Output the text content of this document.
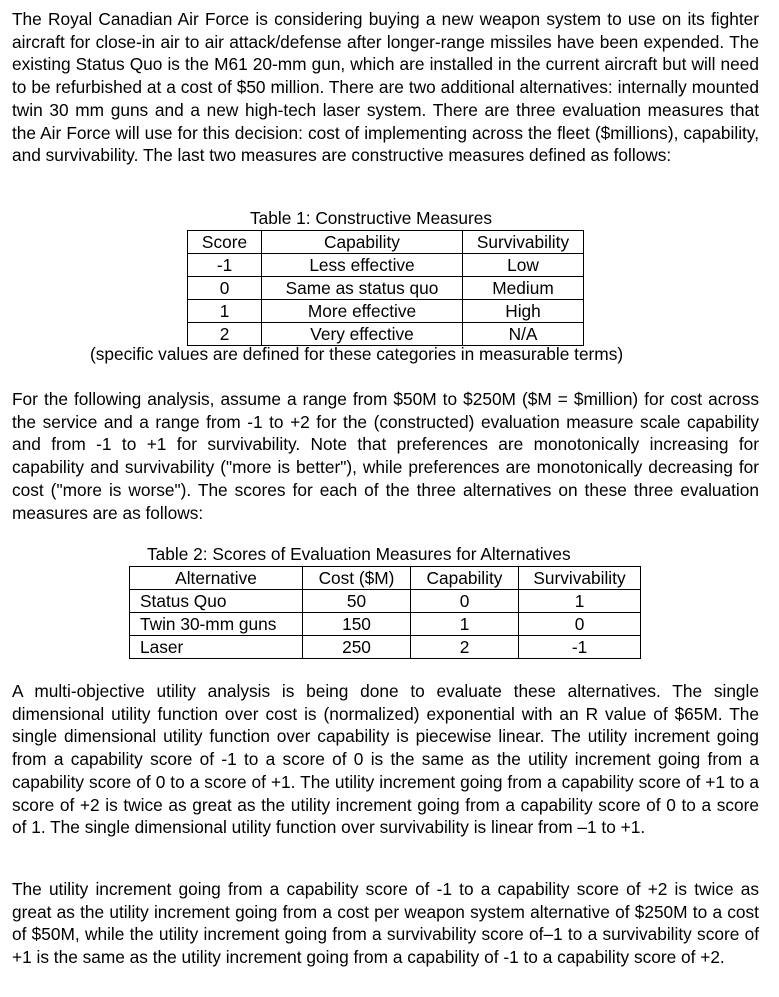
The Royal Canadian Air Force is considering buying a new weapon system to use on its fighter aircraft for close-in air to air attack/defense after longer-range missiles have been expended. The existing Status Quo is the M61 20-mm gun, which are installed in the current aircraft but will need to be refurbished at a cost of $50 million. There are two additional alternatives: internally mounted twin 30 mm guns and a new high-tech laser system. There are three evaluation measures that the Air Force will use for this decision: cost of implementing across the fleet ($millions), capability, and survivability. The last two measures are constructive measures defined as follows:

Table 1: Constructive Measures
Score	Capability	Survivability
-1	Less effective	Low
0	Same as status quo	Medium
1	More effective	High
2	Very effective	N/A
(specific values are defined for these categories in measurable terms)

For the following analysis, assume a range from $50M to $250M ($M = $million) for cost across the service and a range from -1 to +2 for the (constructed) evaluation measure scale capability and from -1 to +1 for survivability. Note that preferences are monotonically increasing for capability and survivability ("more is better"), while preferences are monotonically decreasing for cost ("more is worse"). The scores for each of the three alternatives on these three evaluation measures are as follows:

Table 2: Scores of Evaluation Measures for Alternatives
Alternative	Cost ($M)	Capability	Survivability
Status Quo	50	0	1
Twin 30-mm guns	150	1	0
Laser	250	2	-1

A multi-objective utility analysis is being done to evaluate these alternatives. The single dimensional utility function over cost is (normalized) exponential with an R value of $65M. The single dimensional utility function over capability is piecewise linear. The utility increment going from a capability score of -1 to a score of 0 is the same as the utility increment going from a capability score of 0 to a score of +1. The utility increment going from a capability score of +1 to a score of +2 is twice as great as the utility increment going from a capability score of 0 to a score of 1. The single dimensional utility function over survivability is linear from –1 to +1.

The utility increment going from a capability score of -1 to a capability score of +2 is twice as great as the utility increment going from a cost per weapon system alternative of $250M to a cost of $50M, while the utility increment going from a survivability score of–1 to a survivability score of +1 is the same as the utility increment going from a capability of -1 to a capability score of +2.
